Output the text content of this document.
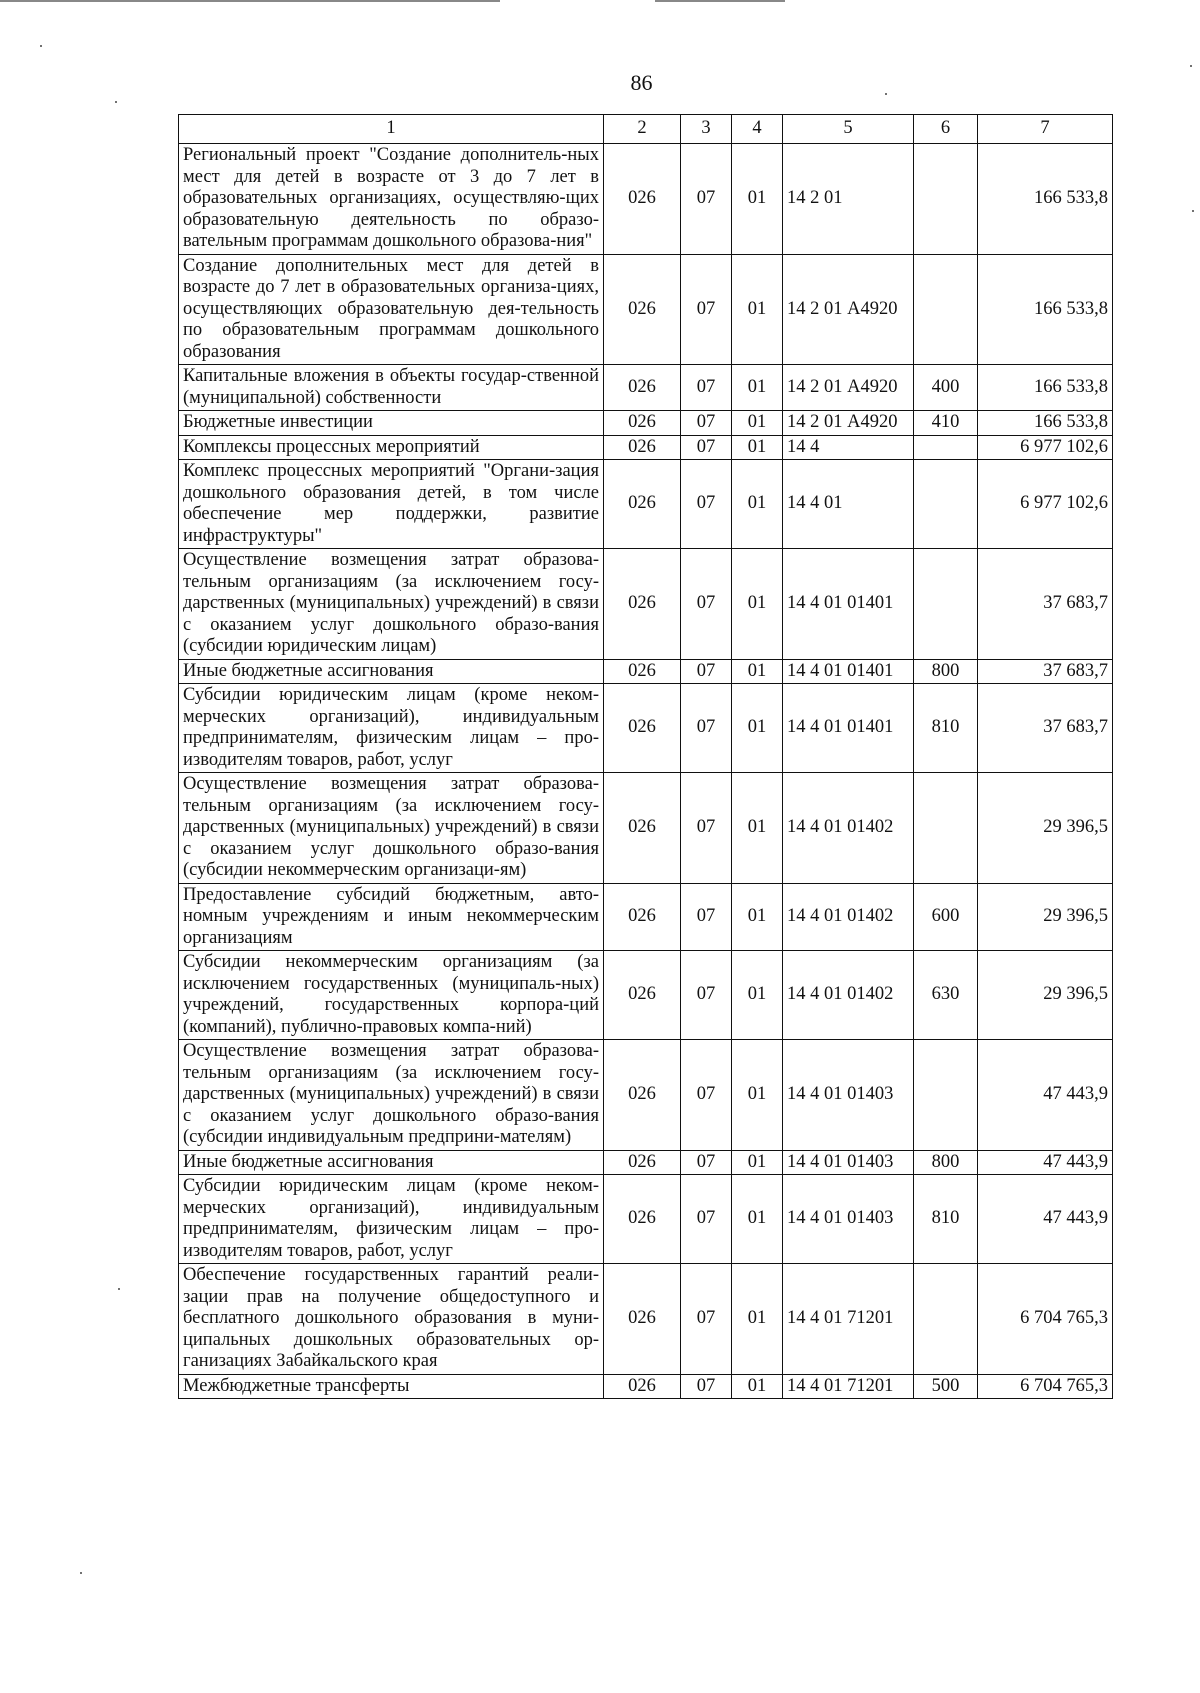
86
1	2	3	4	5	6	7
Региональный проект "Создание дополнитель-ных мест для детей в возрасте от 3 до 7 лет в образовательных организациях, осуществляю-щих образовательную деятельность по образо-вательным программам дошкольного образова-ния"	026	07	01	14 2 01		166 533,8
Создание дополнительных мест для детей в возрасте до 7 лет в образовательных организа-циях, осуществляющих образовательную дея-тельность по образовательным программам дошкольного образования	026	07	01	14 2 01 А4920		166 533,8
Капитальные вложения в объекты государ-ственной (муниципальной) собственности	026	07	01	14 2 01 А4920	400	166 533,8
Бюджетные инвестиции	026	07	01	14 2 01 А4920	410	166 533,8
Комплексы процессных мероприятий	026	07	01	14 4		6 977 102,6
Комплекс процессных мероприятий "Органи-зация дошкольного образования детей, в том числе обеспечение мер поддержки, развитие инфраструктуры"	026	07	01	14 4 01		6 977 102,6
Осуществление возмещения затрат образова-тельным организациям (за исключением госу-дарственных (муниципальных) учреждений) в связи с оказанием услуг дошкольного образо-вания (субсидии юридическим лицам)	026	07	01	14 4 01 01401		37 683,7
Иные бюджетные ассигнования	026	07	01	14 4 01 01401	800	37 683,7
Субсидии юридическим лицам (кроме неком-мерческих организаций), индивидуальным предпринимателям, физическим лицам – про-изводителям товаров, работ, услуг	026	07	01	14 4 01 01401	810	37 683,7
Осуществление возмещения затрат образова-тельным организациям (за исключением госу-дарственных (муниципальных) учреждений) в связи с оказанием услуг дошкольного образо-вания (субсидии некоммерческим организаци-ям)	026	07	01	14 4 01 01402		29 396,5
Предоставление субсидий бюджетным, авто-номным учреждениям и иным некоммерческим организациям	026	07	01	14 4 01 01402	600	29 396,5
Субсидии некоммерческим организациям (за исключением государственных (муниципаль-ных) учреждений, государственных корпора-ций (компаний), публично-правовых компа-ний)	026	07	01	14 4 01 01402	630	29 396,5
Осуществление возмещения затрат образова-тельным организациям (за исключением госу-дарственных (муниципальных) учреждений) в связи с оказанием услуг дошкольного образо-вания (субсидии индивидуальным предприни-мателям)	026	07	01	14 4 01 01403		47 443,9
Иные бюджетные ассигнования	026	07	01	14 4 01 01403	800	47 443,9
Субсидии юридическим лицам (кроме неком-мерческих организаций), индивидуальным предпринимателям, физическим лицам – про-изводителям товаров, работ, услуг	026	07	01	14 4 01 01403	810	47 443,9
Обеспечение государственных гарантий реали-зации прав на получение общедоступного и бесплатного дошкольного образования в муни-ципальных дошкольных образовательных ор-ганизациях Забайкальского края	026	07	01	14 4 01 71201		6 704 765,3
Межбюджетные трансферты	026	07	01	14 4 01 71201	500	6 704 765,3
